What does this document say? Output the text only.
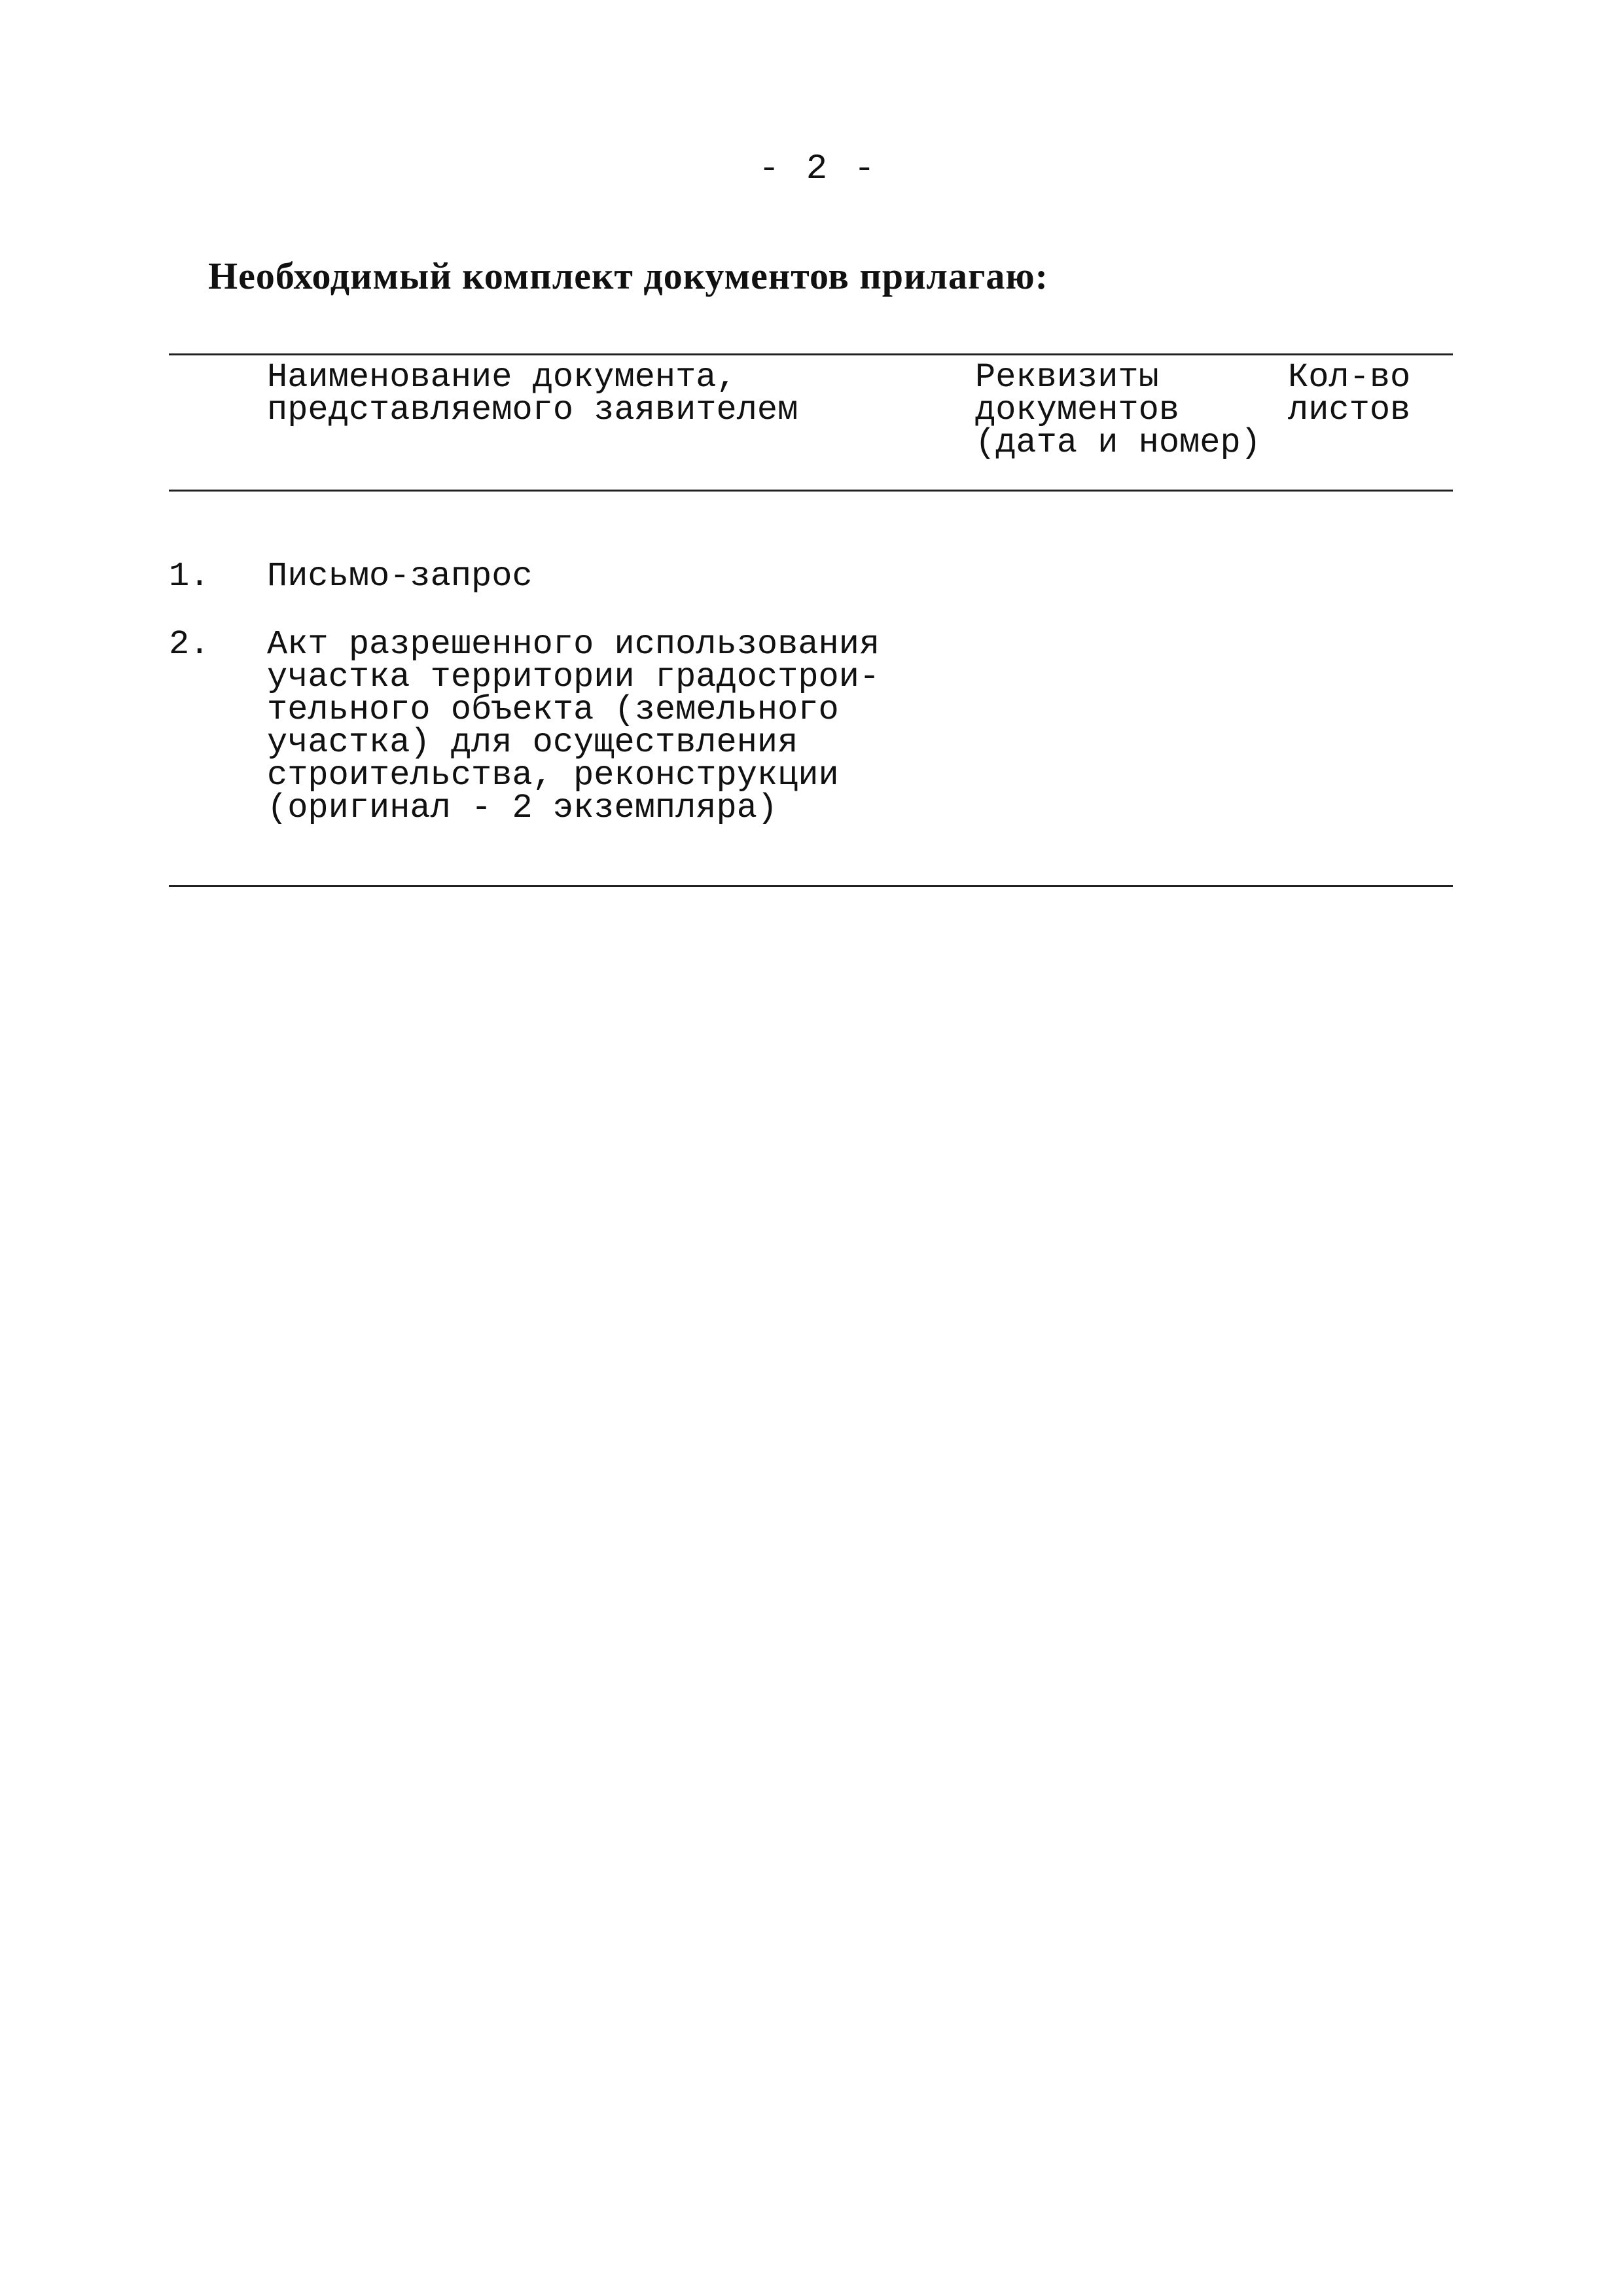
- 2 -
Необходимый комплект документов прилагаю:
Наименование документа,
представляемого заявителем
Реквизиты
документов
(дата и номер)
Кол-во
листов
1. Письмо-запрос
2. Акт разрешенного использования
участка территории градострои-
тельного объекта (земельного
участка) для осуществления
строительства, реконструкции
(оригинал - 2 экземпляра)
